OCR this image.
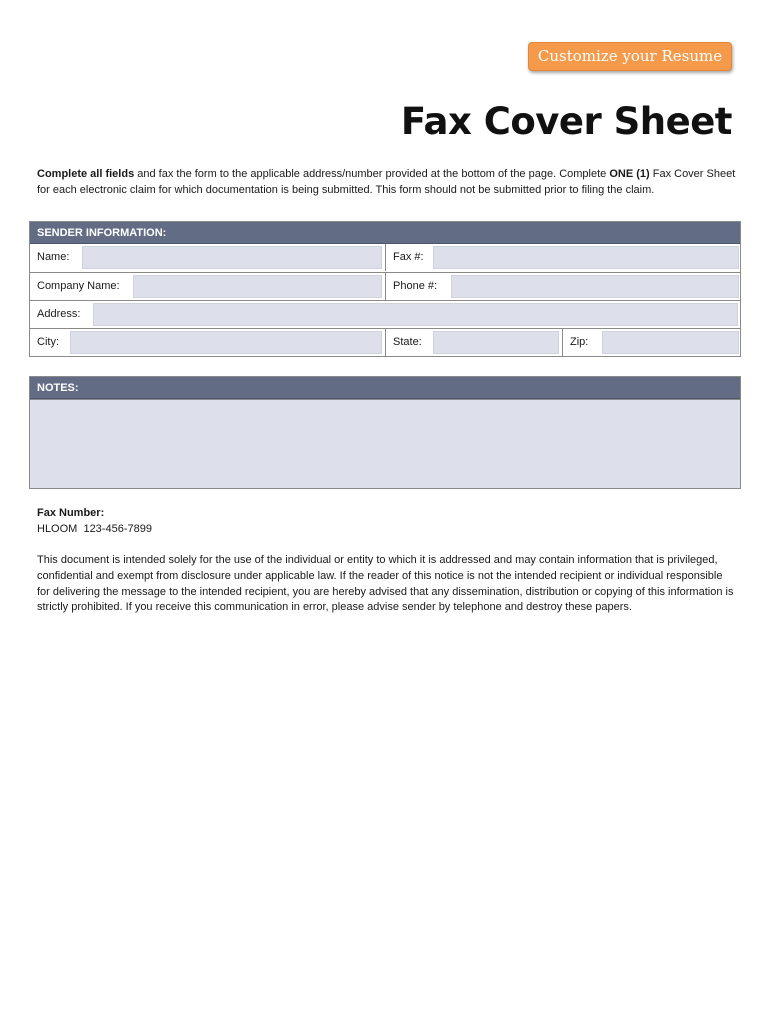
Customize your Resume
Fax Cover Sheet

Complete all fields and fax the form to the applicable address/number provided at the bottom of the page. Complete ONE (1) Fax Cover Sheet for each electronic claim for which documentation is being submitted. This form should not be submitted prior to filing the claim.

SENDER INFORMATION:
Name:	Fax #:
Company Name:	Phone #:
Address:
City:	State:	Zip:
NOTES:
Fax Number:
HLOOM  123-456-7899

This document is intended solely for the use of the individual or entity to which it is addressed and may contain information that is privileged, confidential and exempt from disclosure under applicable law. If the reader of this notice is not the intended recipient or individual responsible for delivering the message to the intended recipient, you are hereby advised that any dissemination, distribution or copying of this information is strictly prohibited. If you receive this communication in error, please advise sender by telephone and destroy these papers.
